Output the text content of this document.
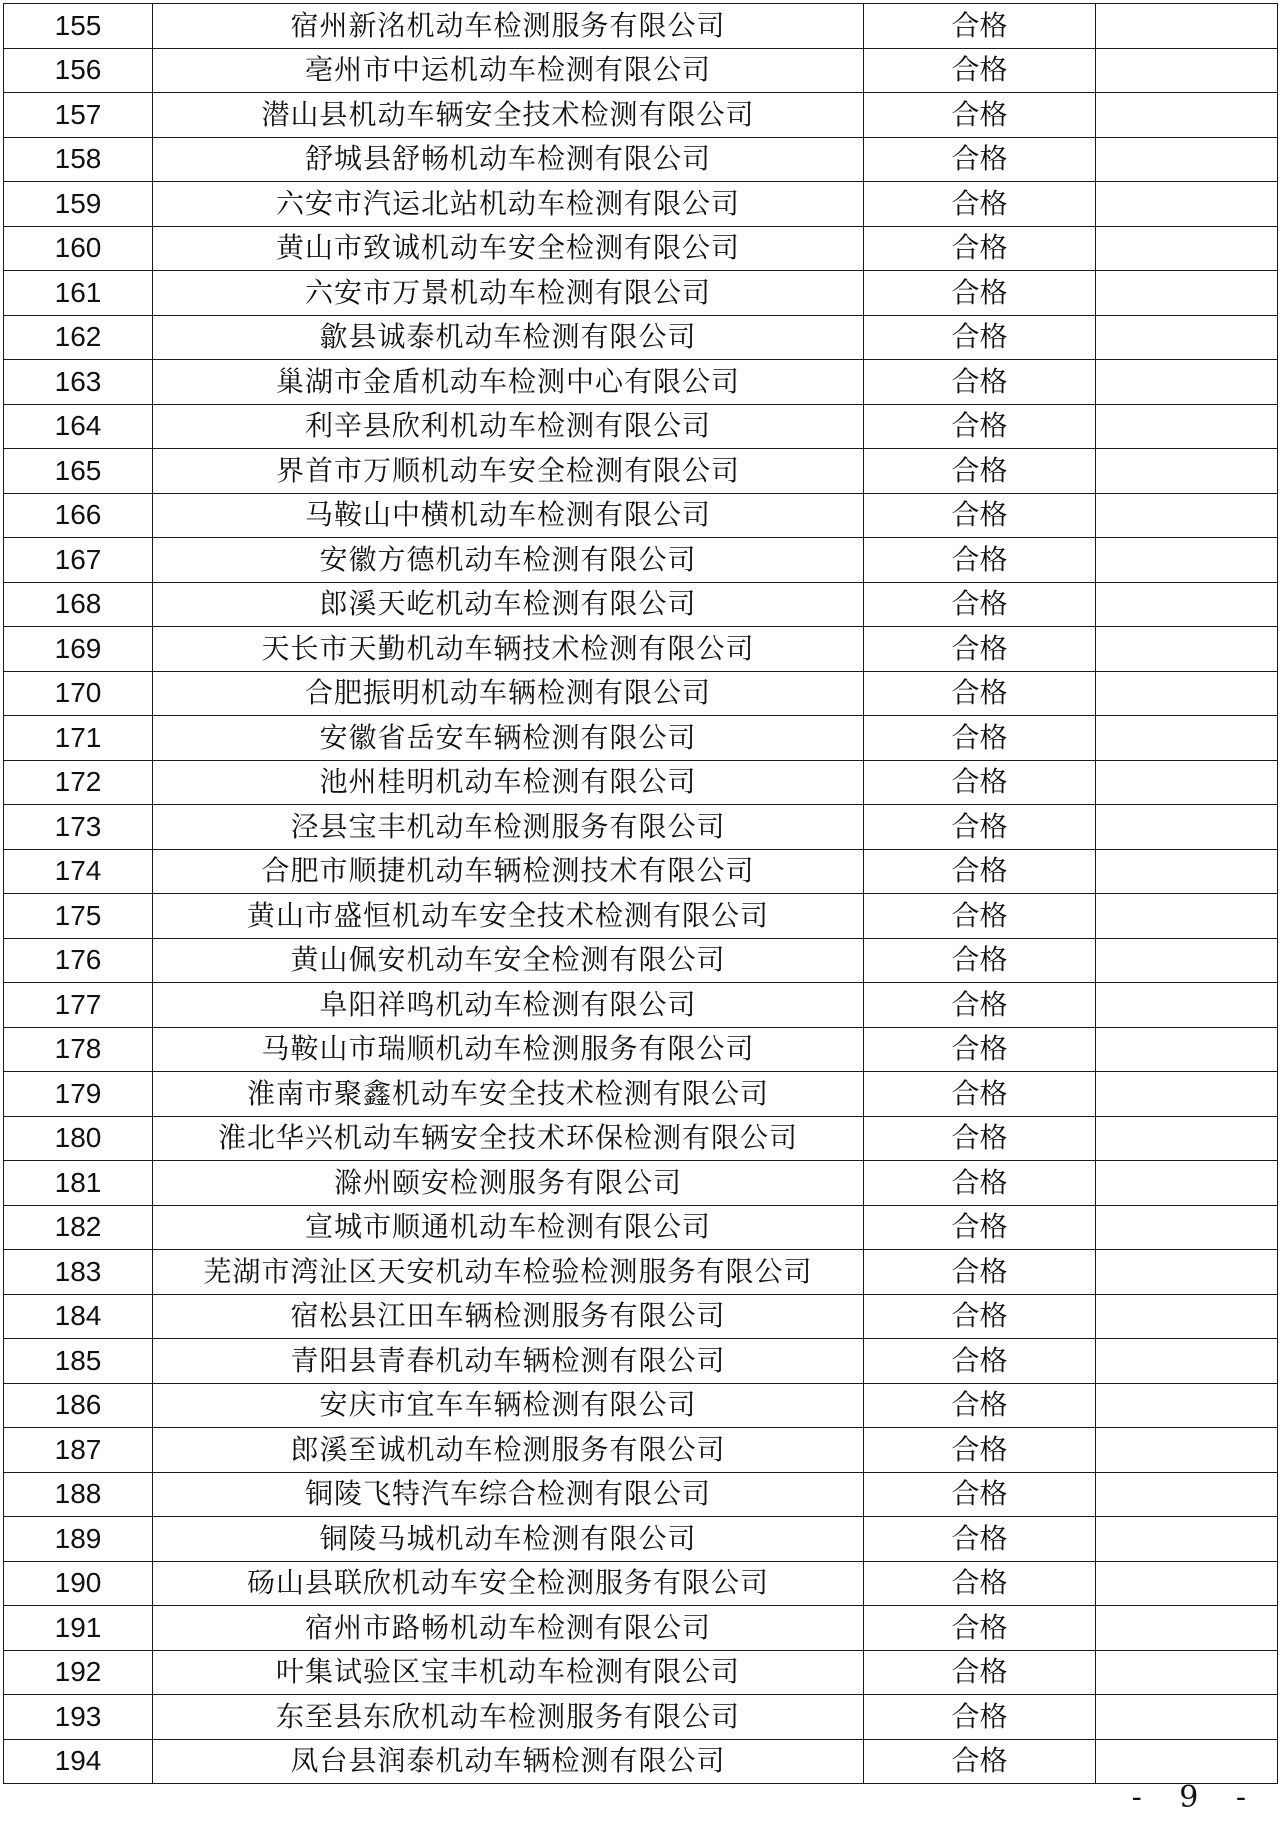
155	宿州新洺机动车检测服务有限公司	合格	
156	亳州市中运机动车检测有限公司	合格	
157	潜山县机动车辆安全技术检测有限公司	合格	
158	舒城县舒畅机动车检测有限公司	合格	
159	六安市汽运北站机动车检测有限公司	合格	
160	黄山市致诚机动车安全检测有限公司	合格	
161	六安市万景机动车检测有限公司	合格	
162	歙县诚泰机动车检测有限公司	合格	
163	巢湖市金盾机动车检测中心有限公司	合格	
164	利辛县欣利机动车检测有限公司	合格	
165	界首市万顺机动车安全检测有限公司	合格	
166	马鞍山中横机动车检测有限公司	合格	
167	安徽方德机动车检测有限公司	合格	
168	郎溪天屹机动车检测有限公司	合格	
169	天长市天勤机动车辆技术检测有限公司	合格	
170	合肥振明机动车辆检测有限公司	合格	
171	安徽省岳安车辆检测有限公司	合格	
172	池州桂明机动车检测有限公司	合格	
173	泾县宝丰机动车检测服务有限公司	合格	
174	合肥市顺捷机动车辆检测技术有限公司	合格	
175	黄山市盛恒机动车安全技术检测有限公司	合格	
176	黄山佩安机动车安全检测有限公司	合格	
177	阜阳祥鸣机动车检测有限公司	合格	
178	马鞍山市瑞顺机动车检测服务有限公司	合格	
179	淮南市聚鑫机动车安全技术检测有限公司	合格	
180	淮北华兴机动车辆安全技术环保检测有限公司	合格	
181	滁州颐安检测服务有限公司	合格	
182	宣城市顺通机动车检测有限公司	合格	
183	芜湖市湾沚区天安机动车检验检测服务有限公司	合格	
184	宿松县江田车辆检测服务有限公司	合格	
185	青阳县青春机动车辆检测有限公司	合格	
186	安庆市宜车车辆检测有限公司	合格	
187	郎溪至诚机动车检测服务有限公司	合格	
188	铜陵飞特汽车综合检测有限公司	合格	
189	铜陵马城机动车检测有限公司	合格	
190	砀山县联欣机动车安全检测服务有限公司	合格	
191	宿州市路畅机动车检测有限公司	合格	
192	叶集试验区宝丰机动车检测有限公司	合格	
193	东至县东欣机动车检测服务有限公司	合格	
194	凤台县润泰机动车辆检测有限公司	合格	
- 9 -
